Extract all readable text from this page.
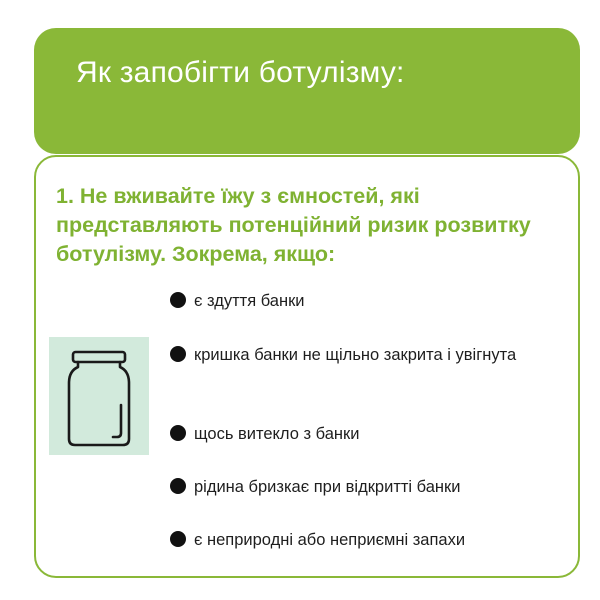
Як запобігти ботулізму:

1. Не вживайте їжу з ємностей, які представляють потенційний ризик розвитку ботулізму. Зокрема, якщо:

є здуття банки
кришка банки не щільно закрита і увігнута
щось витекло з банки
рідина бризкає при відкритті банки
є неприродні або неприємні запахи
